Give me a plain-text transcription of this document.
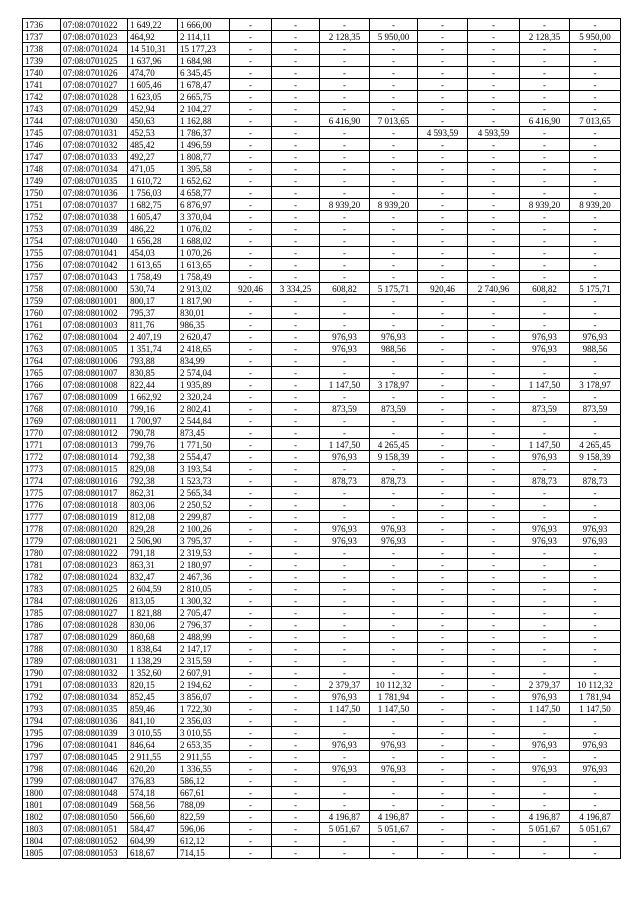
1736	07:08:0701022	1 649,22	1 666,00	-	-	-	-	-	-	-	-
1737	07:08:0701023	464,92	2 114,11	-	-	2 128,35	5 950,00	-	-	2 128,35	5 950,00
1738	07:08:0701024	14 510,31	15 177,23	-	-	-	-	-	-	-	-
1739	07:08:0701025	1 637,96	1 684,98	-	-	-	-	-	-	-	-
1740	07:08:0701026	474,70	6 345,45	-	-	-	-	-	-	-	-
1741	07:08:0701027	1 605,46	1 678,47	-	-	-	-	-	-	-	-
1742	07:08:0701028	1 623,05	2 665,75	-	-	-	-	-	-	-	-
1743	07:08:0701029	452,94	2 104,27	-	-	-	-	-	-	-	-
1744	07:08:0701030	450,63	1 162,88	-	-	6 416,90	7 013,65	-	-	6 416,90	7 013,65
1745	07:08:0701031	452,53	1 786,37	-	-	-	-	4 593,59	4 593,59	-	-
1746	07:08:0701032	485,42	1 496,59	-	-	-	-	-	-	-	-
1747	07:08:0701033	492,27	1 808,77	-	-	-	-	-	-	-	-
1748	07:08:0701034	471,05	1 395,58	-	-	-	-	-	-	-	-
1749	07:08:0701035	1 610,72	1 652,62	-	-	-	-	-	-	-	-
1750	07:08:0701036	1 756,03	4 658,77	-	-	-	-	-	-	-	-
1751	07:08:0701037	1 682,75	6 876,97	-	-	8 939,20	8 939,20	-	-	8 939,20	8 939,20
1752	07:08:0701038	1 605,47	3 370,04	-	-	-	-	-	-	-	-
1753	07:08:0701039	486,22	1 076,02	-	-	-	-	-	-	-	-
1754	07:08:0701040	1 656,28	1 688,02	-	-	-	-	-	-	-	-
1755	07:08:0701041	454,03	1 070,26	-	-	-	-	-	-	-	-
1756	07:08:0701042	1 613,65	1 613,65	-	-	-	-	-	-	-	-
1757	07:08:0701043	1 758,49	1 758,49	-	-	-	-	-	-	-	-
1758	07:08:0801000	530,74	2 913,02	920,46	3 334,25	608,82	5 175,71	920,46	2 740,96	608,82	5 175,71
1759	07:08:0801001	800,17	1 817,90	-	-	-	-	-	-	-	-
1760	07:08:0801002	795,37	830,01	-	-	-	-	-	-	-	-
1761	07:08:0801003	811,76	986,35	-	-	-	-	-	-	-	-
1762	07:08:0801004	2 407,19	2 620,47	-	-	976,93	976,93	-	-	976,93	976,93
1763	07:08:0801005	1 351,74	2 418,65	-	-	976,93	988,56	-	-	976,93	988,56
1764	07:08:0801006	793,88	834,99	-	-	-	-	-	-	-	-
1765	07:08:0801007	830,85	2 574,04	-	-	-	-	-	-	-	-
1766	07:08:0801008	822,44	1 935,89	-	-	1 147,50	3 178,97	-	-	1 147,50	3 178,97
1767	07:08:0801009	1 662,92	2 320,24	-	-	-	-	-	-	-	-
1768	07:08:0801010	799,16	2 802,41	-	-	873,59	873,59	-	-	873,59	873,59
1769	07:08:0801011	1 700,97	2 544,84	-	-	-	-	-	-	-	-
1770	07:08:0801012	790,78	873,45	-	-	-	-	-	-	-	-
1771	07:08:0801013	799,76	1 771,50	-	-	1 147,50	4 265,45	-	-	1 147,50	4 265,45
1772	07:08:0801014	792,38	2 554,47	-	-	976,93	9 158,39	-	-	976,93	9 158,39
1773	07:08:0801015	829,08	3 193,54	-	-	-	-	-	-	-	-
1774	07:08:0801016	792,38	1 523,73	-	-	878,73	878,73	-	-	878,73	878,73
1775	07:08:0801017	862,31	2 565,34	-	-	-	-	-	-	-	-
1776	07:08:0801018	803,06	2 250,52	-	-	-	-	-	-	-	-
1777	07:08:0801019	812,08	2 299,87	-	-	-	-	-	-	-	-
1778	07:08:0801020	829,28	2 100,26	-	-	976,93	976,93	-	-	976,93	976,93
1779	07:08:0801021	2 506,90	3 795,37	-	-	976,93	976,93	-	-	976,93	976,93
1780	07:08:0801022	791,18	2 319,53	-	-	-	-	-	-	-	-
1781	07:08:0801023	863,31	2 180,97	-	-	-	-	-	-	-	-
1782	07:08:0801024	832,47	2 467,36	-	-	-	-	-	-	-	-
1783	07:08:0801025	2 604,59	2 810,05	-	-	-	-	-	-	-	-
1784	07:08:0801026	813,05	1 300,32	-	-	-	-	-	-	-	-
1785	07:08:0801027	1 821,88	2 705,47	-	-	-	-	-	-	-	-
1786	07:08:0801028	830,06	2 796,37	-	-	-	-	-	-	-	-
1787	07:08:0801029	860,68	2 488,99	-	-	-	-	-	-	-	-
1788	07:08:0801030	1 838,64	2 147,17	-	-	-	-	-	-	-	-
1789	07:08:0801031	1 138,29	2 315,59	-	-	-	-	-	-	-	-
1790	07:08:0801032	1 352,60	2 607,91	-	-	-	-	-	-	-	-
1791	07:08:0801033	820,15	2 194,62	-	-	2 379,37	10 112,32	-	-	2 379,37	10 112,32
1792	07:08:0801034	852,45	3 856,07	-	-	976,93	1 781,94	-	-	976,93	1 781,94
1793	07:08:0801035	859,46	1 722,30	-	-	1 147,50	1 147,50	-	-	1 147,50	1 147,50
1794	07:08:0801036	841,10	2 356,03	-	-	-	-	-	-	-	-
1795	07:08:0801039	3 010,55	3 010,55	-	-	-	-	-	-	-	-
1796	07:08:0801041	846,64	2 653,35	-	-	976,93	976,93	-	-	976,93	976,93
1797	07:08:0801045	2 911,55	2 911,55	-	-	-	-	-	-	-	-
1798	07:08:0801046	620,20	1 336,55	-	-	976,93	976,93	-	-	976,93	976,93
1799	07:08:0801047	376,83	586,12	-	-	-	-	-	-	-	-
1800	07:08:0801048	574,18	667,61	-	-	-	-	-	-	-	-
1801	07:08:0801049	568,56	788,09	-	-	-	-	-	-	-	-
1802	07:08:0801050	566,60	822,59	-	-	4 196,87	4 196,87	-	-	4 196,87	4 196,87
1803	07:08:0801051	584,47	596,06	-	-	5 051,67	5 051,67	-	-	5 051,67	5 051,67
1804	07:08:0801052	604,99	612,12	-	-	-	-	-	-	-	-
1805	07:08:0801053	618,67	714,15	-	-	-	-	-	-	-	-
